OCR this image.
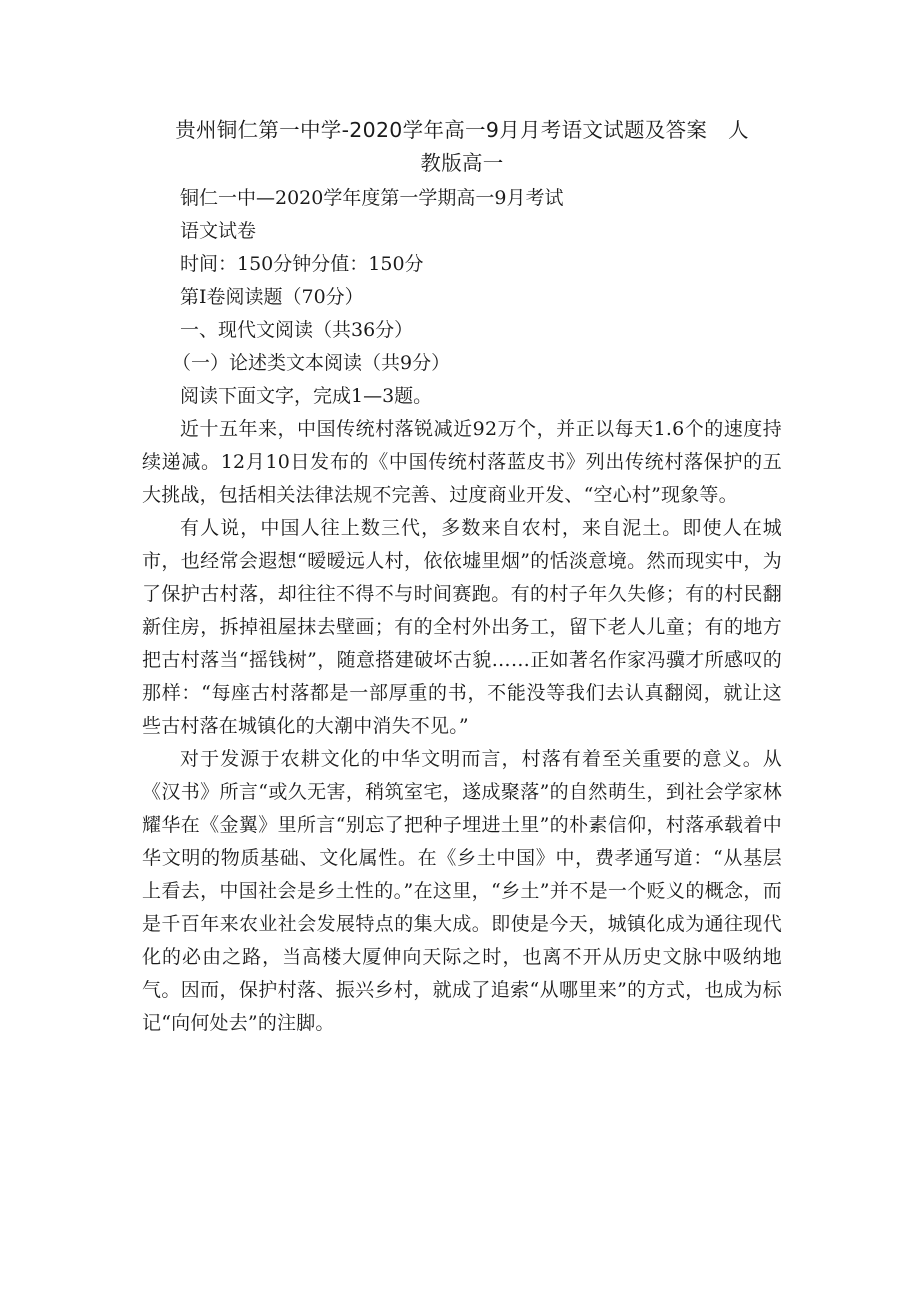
贵州铜仁第一中学-2020学年高一9月月考语文试题及答案　人
教版高一

铜仁一中—2020学年度第一学期高一9月考试

语文试卷

时间：150分钟分值：150分

第Ⅰ卷阅读题（70分）

一、现代文阅读（共36分）

（一）论述类文本阅读（共9分）

阅读下面文字，完成1—3题。

近十五年来，中国传统村落锐减近92万个，并正以每天1.6个的速度持续递减。12月10日发布的《中国传统村落蓝皮书》列出传统村落保护的五大挑战，包括相关法律法规不完善、过度商业开发、“空心村”现象等。

有人说，中国人往上数三代，多数来自农村，来自泥土。即使人在城市，也经常会遐想“暧暧远人村，依依墟里烟”的恬淡意境。然而现实中，为了保护古村落，却往往不得不与时间赛跑。有的村子年久失修；有的村民翻新住房，拆掉祖屋抹去壁画；有的全村外出务工，留下老人儿童；有的地方把古村落当“摇钱树”，随意搭建破坏古貌……正如著名作家冯骥才所感叹的那样：“每座古村落都是一部厚重的书，不能没等我们去认真翻阅，就让这些古村落在城镇化的大潮中消失不见。”

对于发源于农耕文化的中华文明而言，村落有着至关重要的意义。从《汉书》所言“或久无害，稍筑室宅，遂成聚落”的自然萌生，到社会学家林耀华在《金翼》里所言“别忘了把种子埋进土里”的朴素信仰，村落承载着中华文明的物质基础、文化属性。在《乡土中国》中，费孝通写道：“从基层上看去，中国社会是乡土性的。”在这里，“乡土”并不是一个贬义的概念，而是千百年来农业社会发展特点的集大成。即使是今天，城镇化成为通往现代化的必由之路，当高楼大厦伸向天际之时，也离不开从历史文脉中吸纳地气。因而，保护村落、振兴乡村，就成了追索“从哪里来”的方式，也成为标记“向何处去”的注脚。
